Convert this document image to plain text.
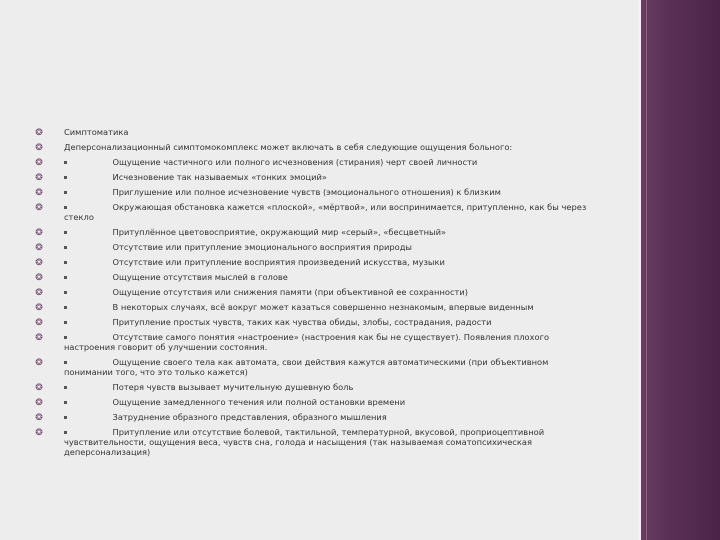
❂	Симптоматика
❂	Деперсонализационный симптомокомплекс может включать в себя следующие ощущения больного:
❂	Ощущение частичного или полного исчезновения (стирания) черт своей личности
❂	Исчезновение так называемых «тонких эмоций»
❂	Приглушение или полное исчезновение чувств (эмоционального отношения) к близким
❂	Окружающая обстановка кажется «плоской», «мёртвой», или воспринимается, притупленно, как бы через стекло
❂	Притуплённое цветовосприятие, окружающий мир «серый», «бесцветный»
❂	Отсутствие или притупление эмоционального восприятия природы
❂	Отсутствие или притупление восприятия произведений искусства, музыки
❂	Ощущение отсутствия мыслей в голове
❂	Ощущение отсутствия или снижения памяти (при объективной ее сохранности)
❂	В некоторых случаях, всё вокруг может казаться совершенно незнакомым, впервые виденным
❂	Притупление простых чувств, таких как чувства обиды, злобы, сострадания, радости
❂	Отсутствие самого понятия «настроение» (настроения как бы не существует). Появления плохого настроения говорит об улучшении состояния.
❂	Ощущение своего тела как автомата, свои действия кажутся автоматическими (при объективном понимании того, что это только кажется)
❂	Потеря чувств вызывает мучительную душевную боль
❂	Ощущение замедленного течения или полной остановки времени
❂	Затруднение образного представления, образного мышления
❂	Притупление или отсутствие болевой, тактильной, температурной, вкусовой, проприоцептивной чувствительности, ощущения веса, чувств сна, голода и насыщения (так называемая соматопсихическая деперсонализация)
